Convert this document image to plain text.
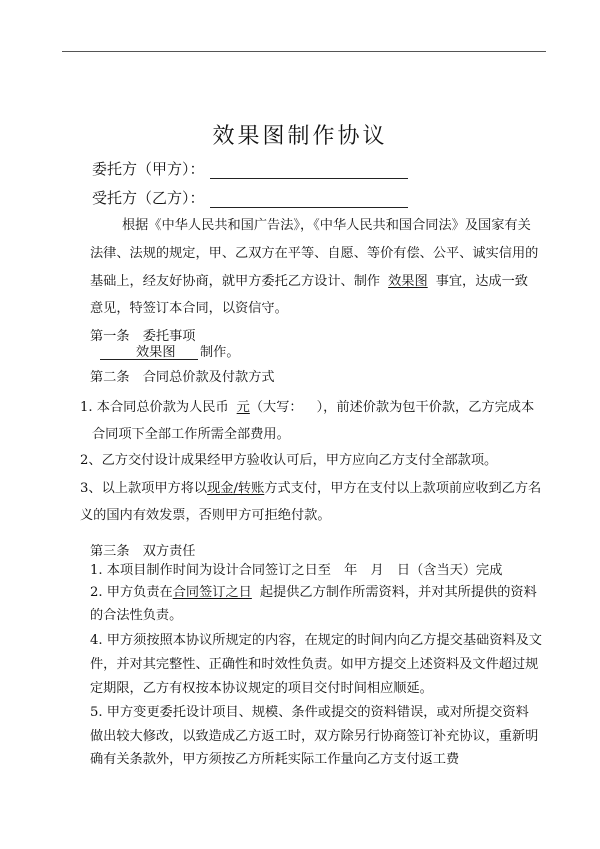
效果图制作协议
委托方（甲方）：
受托方（乙方）：
根据《中华人民共和国广告法》，《中华人民共和国合同法》及国家有关
法律、法规的规定，甲、乙双方在平等、自愿、等价有偿、公平、诚实信用的
基础上，经友好协商，就甲方委托乙方设计、制作 效果图 事宜，达成一致
意见，特签订本合同，以资信守。
第一条　委托事项
效果图 制作。
第二条　合同总价款及付款方式
1. 本合同总价款为人民币 元（大写： ），前述价款为包干价款，乙方完成本
合同项下全部工作所需全部费用。
2、乙方交付设计成果经甲方验收认可后，甲方应向乙方支付全部款项。
3、以上款项甲方将以现金/转账方式支付，甲方在支付以上款项前应收到乙方名
义的国内有效发票，否则甲方可拒绝付款。
第三条　双方责任
1. 本项目制作时间为设计合同签订之日至　年　月　日（含当天）完成
2. 甲方负责在合同签订之日 起提供乙方制作所需资料，并对其所提供的资料
的合法性负责。
4. 甲方须按照本协议所规定的内容，在规定的时间内向乙方提交基础资料及文
件，并对其完整性、正确性和时效性负责。如甲方提交上述资料及文件超过规
定期限，乙方有权按本协议规定的项目交付时间相应顺延。
5. 甲方变更委托设计项目、规模、条件或提交的资料错误，或对所提交资料
做出较大修改，以致造成乙方返工时，双方除另行协商签订补充协议，重新明
确有关条款外，甲方须按乙方所耗实际工作量向乙方支付返工费
